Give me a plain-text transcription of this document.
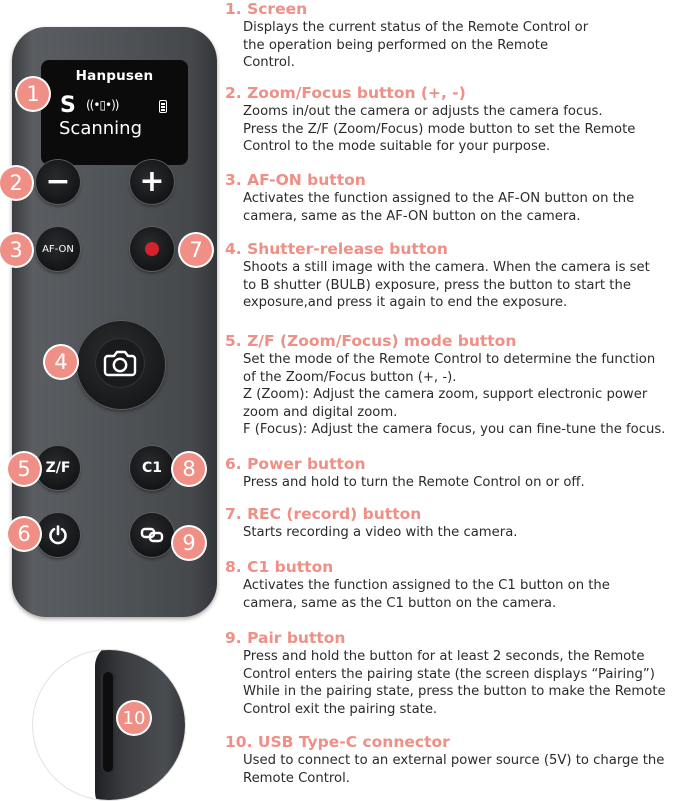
Hanpusen
S ((•▯•))
Scanning
− +
AF-ON
Z/F	C1
1
2
3
4
5
6
7
8
9
10

1. Screen

Displays the current status of the Remote Control or
the operation being performed on the Remote
Control.

2. Zoom/Focus button (+, -)

Zooms in/out the camera or adjusts the camera focus.
Press the Z/F (Zoom/Focus) mode button to set the Remote
Control to the mode suitable for your purpose.

3. AF-ON button

Activates the function assigned to the AF-ON button on the
camera, same as the AF-ON button on the camera.

4. Shutter-release button

Shoots a still image with the camera. When the camera is set
to B shutter (BULB) exposure, press the button to start the
exposure,and press it again to end the exposure.

5. Z/F (Zoom/Focus) mode button

Set the mode of the Remote Control to determine the function
of the Zoom/Focus button (+, -).
Z (Zoom): Adjust the camera zoom, support electronic power
zoom and digital zoom.
F (Focus): Adjust the camera focus, you can fine-tune the focus.

6. Power button

Press and hold to turn the Remote Control on or off.

7. REC (record) button

Starts recording a video with the camera.

8. C1 button

Activates the function assigned to the C1 button on the
camera, same as the C1 button on the camera.

9. Pair button

Press and hold the button for at least 2 seconds, the Remote
Control enters the pairing state (the screen displays “Pairing”)
While in the pairing state, press the button to make the Remote
Control exit the pairing state.

10. USB Type-C connector

Used to connect to an external power source (5V) to charge the
Remote Control.
